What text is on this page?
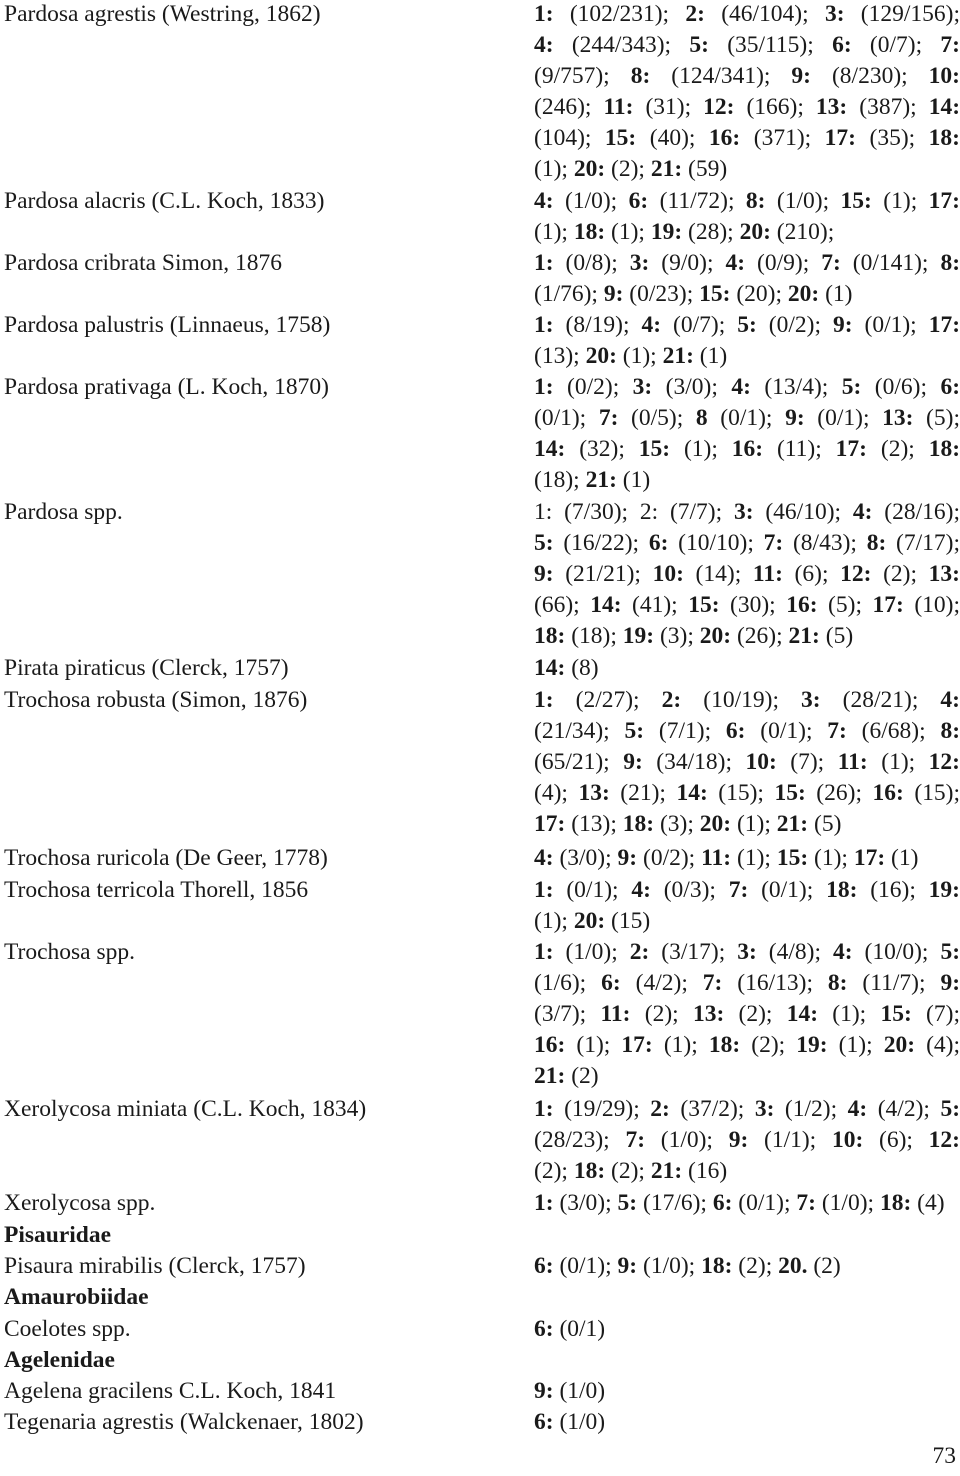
Pardosa agrestis (Westring, 1862)	1: (102/231); 2: (46/104); 3: (129/156);
4: (244/343); 5: (35/115); 6: (0/7); 7:
(9/757); 8: (124/341); 9: (8/230); 10:
(246); 11: (31); 12: (166); 13: (387); 14:
(104); 15: (40); 16: (371); 17: (35); 18:
(1); 20: (2); 21: (59)
Pardosa alacris (C.L. Koch, 1833)	4: (1/0); 6: (11/72); 8: (1/0); 15: (1); 17:
(1); 18: (1); 19: (28); 20: (210);
Pardosa cribrata Simon, 1876	1: (0/8); 3: (9/0); 4: (0/9); 7: (0/141); 8:
(1/76); 9: (0/23); 15: (20); 20: (1)
Pardosa palustris (Linnaeus, 1758)	1: (8/19); 4: (0/7); 5: (0/2); 9: (0/1); 17:
(13); 20: (1); 21: (1)
Pardosa prativaga (L. Koch, 1870)	1: (0/2); 3: (3/0); 4: (13/4); 5: (0/6); 6:
(0/1); 7: (0/5); 8 (0/1); 9: (0/1); 13: (5);
14: (32); 15: (1); 16: (11); 17: (2); 18:
(18); 21: (1)
Pardosa spp.	1: (7/30); 2: (7/7); 3: (46/10); 4: (28/16);
5: (16/22); 6: (10/10); 7: (8/43); 8: (7/17);
9: (21/21); 10: (14); 11: (6); 12: (2); 13:
(66); 14: (41); 15: (30); 16: (5); 17: (10);
18: (18); 19: (3); 20: (26); 21: (5)
Pirata piraticus (Clerck, 1757)	14: (8)
Trochosa robusta (Simon, 1876)	1: (2/27); 2: (10/19); 3: (28/21); 4:
(21/34); 5: (7/1); 6: (0/1); 7: (6/68); 8:
(65/21); 9: (34/18); 10: (7); 11: (1); 12:
(4); 13: (21); 14: (15); 15: (26); 16: (15);
17: (13); 18: (3); 20: (1); 21: (5)
Trochosa ruricola (De Geer, 1778)	4: (3/0); 9: (0/2); 11: (1); 15: (1); 17: (1)
Trochosa terricola Thorell, 1856	1: (0/1); 4: (0/3); 7: (0/1); 18: (16); 19:
(1); 20: (15)
Trochosa spp.	1: (1/0); 2: (3/17); 3: (4/8); 4: (10/0); 5:
(1/6); 6: (4/2); 7: (16/13); 8: (11/7); 9:
(3/7); 11: (2); 13: (2); 14: (1); 15: (7);
16: (1); 17: (1); 18: (2); 19: (1); 20: (4);
21: (2)
Xerolycosa miniata (C.L. Koch, 1834)	1: (19/29); 2: (37/2); 3: (1/2); 4: (4/2); 5:
(28/23); 7: (1/0); 9: (1/1); 10: (6); 12:
(2); 18: (2); 21: (16)
Xerolycosa spp.	1: (3/0); 5: (17/6); 6: (0/1); 7: (1/0); 18: (4)
Pisauridae
Pisaura mirabilis (Clerck, 1757)	6: (0/1); 9: (1/0); 18: (2); 20. (2)
Amaurobiidae
Coelotes spp.	6: (0/1)
Agelenidae
Agelena gracilens C.L. Koch, 1841	9: (1/0)
Tegenaria agrestis (Walckenaer, 1802)	6: (1/0)
73
